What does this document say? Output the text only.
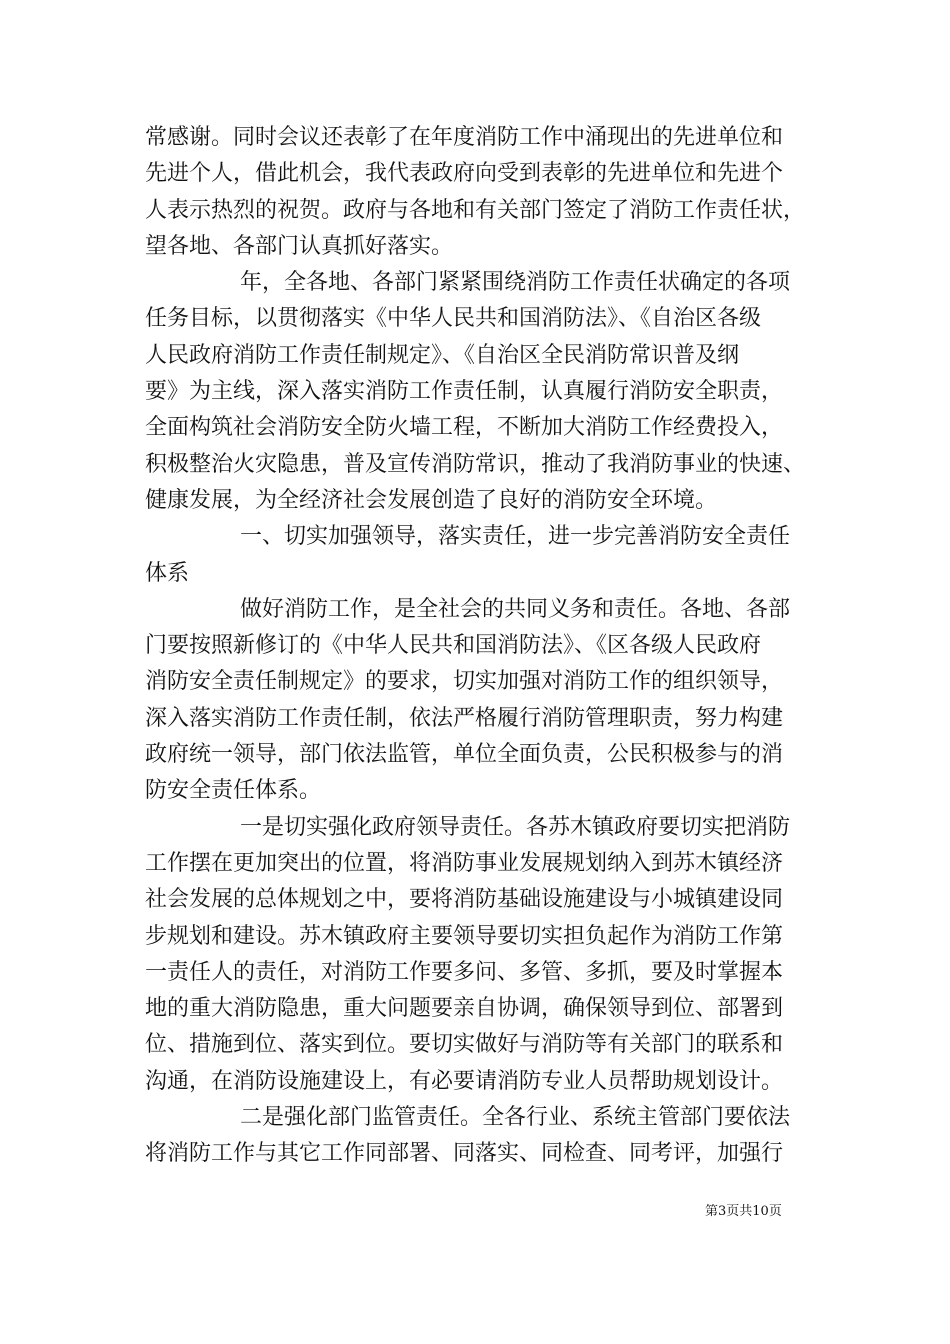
常感谢。同时会议还表彰了在年度消防工作中涌现出的先进单位和
先进个人，借此机会，我代表政府向受到表彰的先进单位和先进个
人表示热烈的祝贺。政府与各地和有关部门签定了消防工作责任状，
望各地、各部门认真抓好落实。
年，全各地、各部门紧紧围绕消防工作责任状确定的各项
任务目标，以贯彻落实《中华人民共和国消防法》、《自治区各级
人民政府消防工作责任制规定》、《自治区全民消防常识普及纲
要》为主线，深入落实消防工作责任制，认真履行消防安全职责，
全面构筑社会消防安全防火墙工程，不断加大消防工作经费投入，
积极整治火灾隐患，普及宣传消防常识，推动了我消防事业的快速、
健康发展，为全经济社会发展创造了良好的消防安全环境。
一、切实加强领导，落实责任，进一步完善消防安全责任
体系
做好消防工作，是全社会的共同义务和责任。各地、各部
门要按照新修订的《中华人民共和国消防法》、《区各级人民政府
消防安全责任制规定》的要求，切实加强对消防工作的组织领导，
深入落实消防工作责任制，依法严格履行消防管理职责，努力构建
政府统一领导，部门依法监管，单位全面负责，公民积极参与的消
防安全责任体系。
一是切实强化政府领导责任。各苏木镇政府要切实把消防
工作摆在更加突出的位置，将消防事业发展规划纳入到苏木镇经济
社会发展的总体规划之中，要将消防基础设施建设与小城镇建设同
步规划和建设。苏木镇政府主要领导要切实担负起作为消防工作第
一责任人的责任，对消防工作要多问、多管、多抓，要及时掌握本
地的重大消防隐患，重大问题要亲自协调，确保领导到位、部署到
位、措施到位、落实到位。要切实做好与消防等有关部门的联系和
沟通，在消防设施建设上，有必要请消防专业人员帮助规划设计。
二是强化部门监管责任。全各行业、系统主管部门要依法
将消防工作与其它工作同部署、同落实、同检查、同考评，加强行
第3页共10页
